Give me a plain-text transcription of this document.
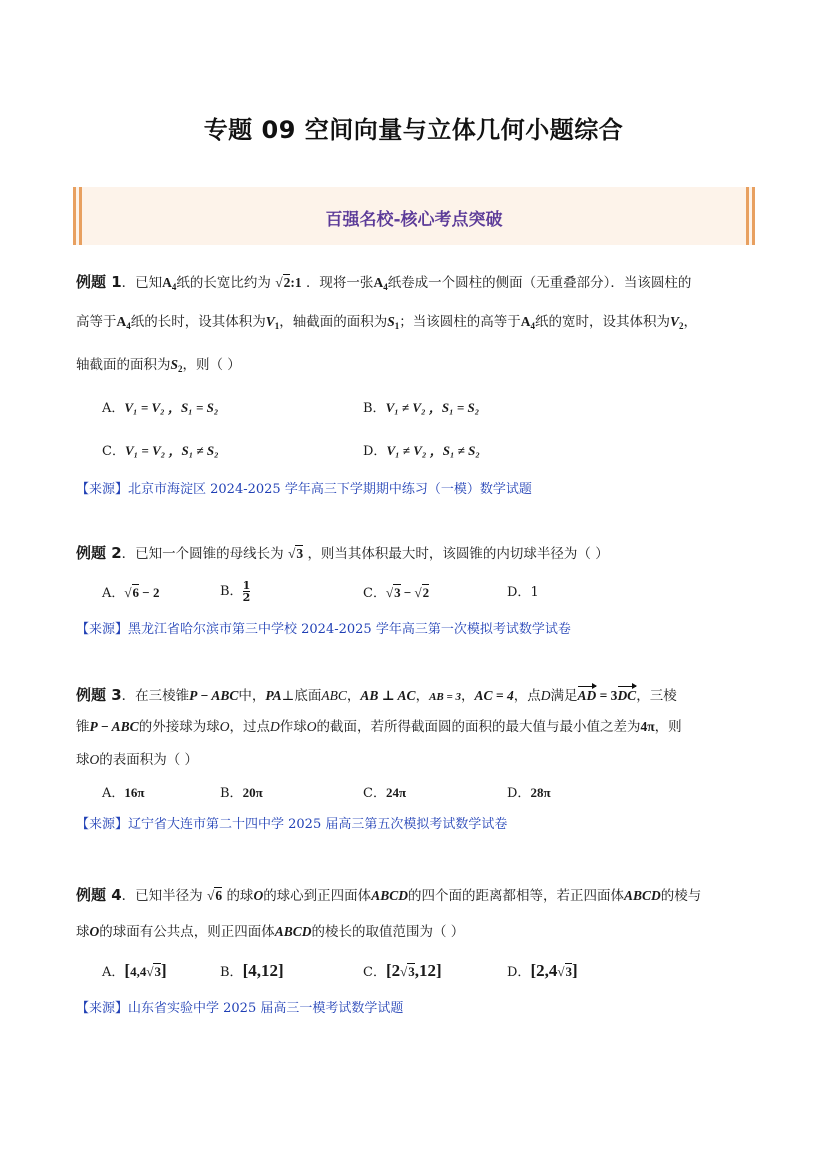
专题 09 空间向量与立体几何小题综合
百强名校-核心考点突破
例题 1．已知$A_4$纸的长宽比约为 √2:1 ．现将一张$A_4$纸卷成一个圆柱的侧面（无重叠部分）．当该圆柱的
高等于$A_4$纸的长时，设其体积为$V_1$，轴截面的面积为$S_1$；当该圆柱的高等于$A_4$纸的宽时，设其体积为$V_2$，
轴截面的面积为$S_2$，则（ ）
A．V₁ = V₂ ，S₁ = S₂	B．V₁ ≠ V₂ ，S₁ = S₂
C．V₁ = V₂ ，S₁ ≠ S₂	D．V₁ ≠ V₂ ，S₁ ≠ S₂
【来源】北京市海淀区 2024-2025 学年高三下学期期中练习（一模）数学试题
例题 2．已知一个圆锥的母线长为 √3 ，则当其体积最大时，该圆锥的内切球半径为（ ）
A．√6 − 2	B． $\frac{1}{2}$	C．√3 − √2	D．1
【来源】黑龙江省哈尔滨市第三中学校 2024-2025 学年高三第一次模拟考试数学试卷
例题 3．在三棱锥P − ABC中，PA⊥底面ABC，AB ⊥ AC，AB = 3，AC = 4，点D满足AD = 3DC，三棱
锥P − ABC的外接球为球O，过点D作球O的截面，若所得截面圆的面积的最大值与最小值之差为4π，则
球O的表面积为（ ）
A．16π	B．20π	C．24π	D．28π
【来源】辽宁省大连市第二十四中学 2025 届高三第五次模拟考试数学试卷
例题 4．已知半径为 √6 的球O的球心到正四面体ABCD的四个面的距离都相等，若正四面体ABCD的棱与
球O的球面有公共点，则正四面体ABCD的棱长的取值范围为（ ）
A．[4,4√3]	B．[4,12]	C．[2√3,12]	D．[2,4√3]
【来源】山东省实验中学 2025 届高三一模考试数学试题
